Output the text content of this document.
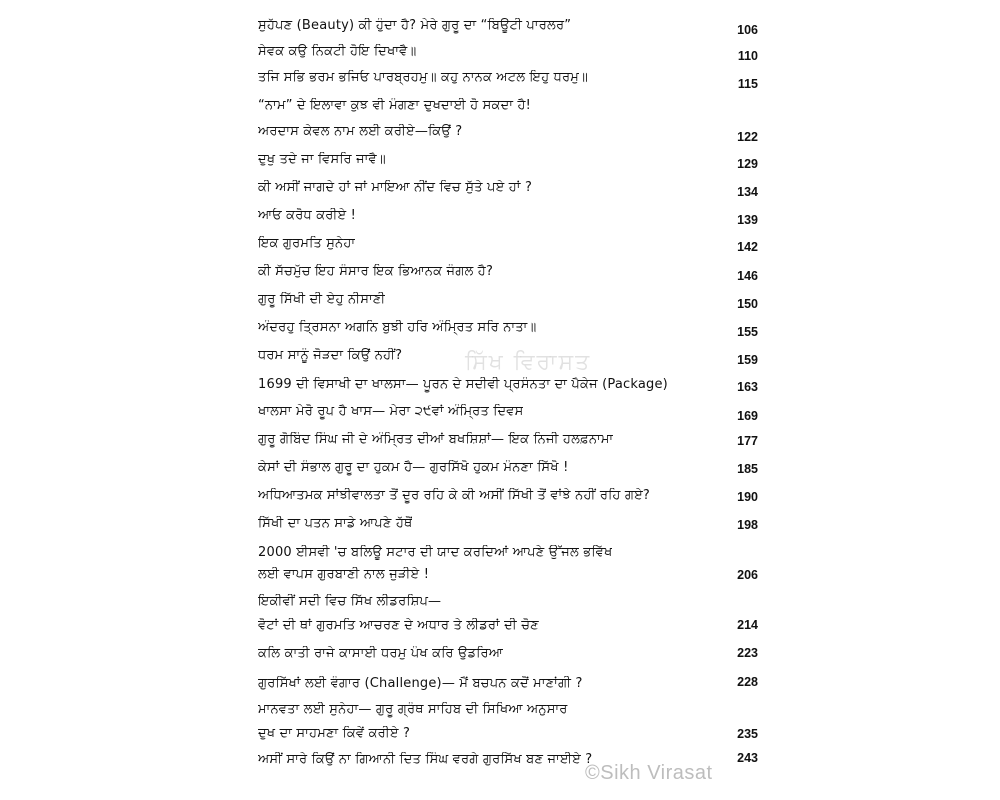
ਸੁਹੱਪਣ (Beauty) ਕੀ ਹੁੰਦਾ ਹੈ? ਮੇਰੇ ਗੁਰੂ ਦਾ “ਬਿਊਟੀ ਪਾਰਲਰ”	106
ਸੇਵਕ ਕਉ ਨਿਕਟੀ ਹੋਇ ਦਿਖਾਵੈ॥	110
ਤਜਿ ਸਭਿ ਭਰਮ ਭਜਿਓ ਪਾਰਬ੍ਰਹਮੁ॥ ਕਹੁ ਨਾਨਕ ਅਟਲ ਇਹੁ ਧਰਮੁ॥	115
“ਨਾਮ” ਦੇ ਇਲਾਵਾ ਕੁਝ ਵੀ ਮੰਗਣਾ ਦੁਖਦਾਈ ਹੋ ਸਕਦਾ ਹੈ!
ਅਰਦਾਸ ਕੇਵਲ ਨਾਮ ਲਈ ਕਰੀਏ—ਕਿਉਂ ?	122
ਦੁਖੁ ਤਦੇ ਜਾ ਵਿਸਰਿ ਜਾਵੈ॥	129
ਕੀ ਅਸੀਂ ਜਾਗਦੇ ਹਾਂ ਜਾਂ ਮਾਇਆ ਨੀਂਦ ਵਿਚ ਸੁੱਤੇ ਪਏ ਹਾਂ ?	134
ਆਓ ਕਰੋਧ ਕਰੀਏ !	139
ਇਕ ਗੁਰਮਤਿ ਸੁਨੇਹਾ	142
ਕੀ ਸੱਚਮੁੱਚ ਇਹ ਸੰਸਾਰ ਇਕ ਭਿਆਨਕ ਜੰਗਲ ਹੈ?	146
ਗੁਰੂ ਸਿੱਖੀ ਦੀ ਏਹੁ ਨੀਸਾਣੀ	150
ਅੰਦਰਹੁ ਤ੍ਰਿਸਨਾ ਅਗਨਿ ਬੁਝੀ ਹਰਿ ਅੰਮ੍ਰਿਤ ਸਰਿ ਨਾਤਾ॥	155
ਧਰਮ ਸਾਨੂੰ ਜੋੜਦਾ ਕਿਉਂ ਨਹੀਂ?	159
1699 ਦੀ ਵਿਸਾਖੀ ਦਾ ਖਾਲਸਾ— ਪੂਰਨ ਦੇ ਸਦੀਵੀ ਪ੍ਰਸੰਨਤਾ ਦਾ ਪੈਕੇਜ (Package)	163
ਖਾਲਸਾ ਮੇਰੋ ਰੂਪ ਹੈ ਖਾਸ— ਮੇਰਾ ੨੯ਵਾਂ ਅੰਮ੍ਰਿਤ ਦਿਵਸ	169
ਗੁਰੂ ਗੋਬਿੰਦ ਸਿੰਘ ਜੀ ਦੇ ਅੰਮ੍ਰਿਤ ਦੀਆਂ ਬਖਸ਼ਿਸ਼ਾਂ— ਇਕ ਨਿਜੀ ਹਲਫ਼ਨਾਮਾ	177
ਕੇਸਾਂ ਦੀ ਸੰਭਾਲ ਗੁਰੂ ਦਾ ਹੁਕਮ ਹੈ— ਗੁਰਸਿੱਖੋ ਹੁਕਮ ਮੰਨਣਾ ਸਿੱਖੋ !	185
ਅਧਿਆਤਮਕ ਸਾਂਝੀਵਾਲਤਾ ਤੋਂ ਦੂਰ ਰਹਿ ਕੇ ਕੀ ਅਸੀਂ ਸਿੱਖੀ ਤੋਂ ਵਾਂਝੇ ਨਹੀਂ ਰਹਿ ਗਏ?	190
ਸਿੱਖੀ ਦਾ ਪਤਨ ਸਾਡੇ ਆਪਣੇ ਹੱਥੋਂ	198
2000 ਈਸਵੀ 'ਚ ਬਲਿਊ ਸਟਾਰ ਦੀ ਯਾਦ ਕਰਦਿਆਂ ਆਪਣੇ ਉੱਜਲ ਭਵਿੱਖ
ਲਈ ਵਾਪਸ ਗੁਰਬਾਣੀ ਨਾਲ ਜੁੜੀਏ !	206
ਇਕੀਵੀਂ ਸਦੀ ਵਿਚ ਸਿੱਖ ਲੀਡਰਸ਼ਿਪ—
ਵੋਟਾਂ ਦੀ ਥਾਂ ਗੁਰਮਤਿ ਆਚਰਣ ਦੇ ਅਧਾਰ ਤੇ ਲੀਡਰਾਂ ਦੀ ਚੋਣ	214
ਕਲਿ ਕਾਤੀ ਰਾਜੇ ਕਾਸਾਈ ਧਰਮੁ ਪੰਖ ਕਰਿ ਉਡਰਿਆ	223
ਗੁਰਸਿੱਖਾਂ ਲਈ ਵੰਗਾਰ (Challenge)— ਮੈਂ ਬਚਪਨ ਕਦੋਂ ਮਾਣਾਂਗੀ ?	228
ਮਾਨਵਤਾ ਲਈ ਸੁਨੇਹਾ— ਗੁਰੂ ਗ੍ਰੰਥ ਸਾਹਿਬ ਦੀ ਸਿਖਿਆ ਅਨੁਸਾਰ
ਦੁਖ ਦਾ ਸਾਹਮਣਾ ਕਿਵੇਂ ਕਰੀਏ ?	235
ਅਸੀਂ ਸਾਰੇ ਕਿਉਂ ਨਾ ਗਿਆਨੀ ਦਿਤ ਸਿੰਘ ਵਰਗੇ ਗੁਰਸਿੱਖ ਬਣ ਜਾਈਏ ?	243
ਸਿੱਖ ਵਿਰਾਸਤ
©Sikh Virasat
